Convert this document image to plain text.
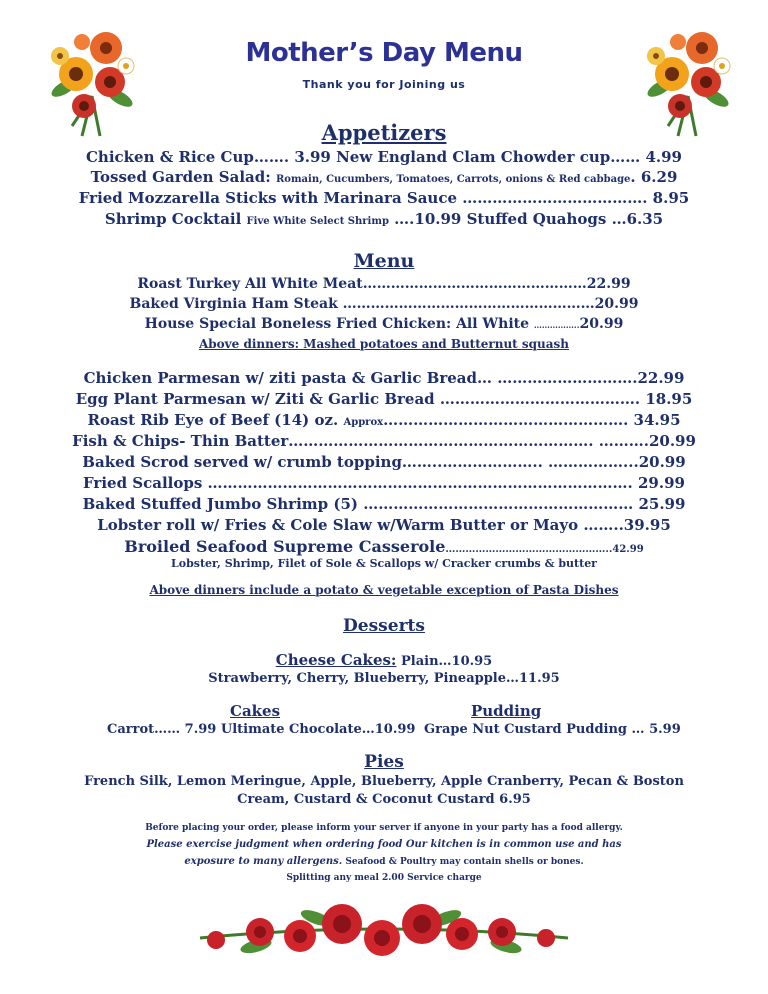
Mother’s Day Menu
Thank you for Joining us
Appetizers
Chicken & Rice Cup……. 3.99 New England Clam Chowder cup…… 4.99
Tossed Garden Salad: Romain, Cucumbers, Tomatoes, Carrots, onions & Red cabbage. 6.29
Fried Mozzarella Sticks with Marinara Sauce ………………………………. 8.95
Shrimp Cocktail Five White Select Shrimp ….10.99 Stuffed Quahogs …6.35
Menu
Roast Turkey All White Meat…………………………………………22.99
Baked Virginia Ham Steak ………………………………………………20.99
House Special Boneless Fried Chicken: All White ……………..20.99
Above dinners: Mashed potatoes and Butternut squash
Chicken Parmesan w/ ziti pasta & Garlic Bread… ……………………….22.99
Egg Plant Parmesan w/ Ziti & Garlic Bread …………………………………. 18.95
Roast Rib Eye of Beef (14) oz. Approx…………………………………………. 34.95
Fish & Chips- Thin Batter……………………………………………………. ……….20.99
Baked Scrod served w/ crumb topping……..……………….. ……………...20.99
Fried Scallops …………………………………………………………………………. 29.99
Baked Stuffed Jumbo Shrimp (5) ……………………………………………… 25.99
Lobster roll w/ Fries & Cole Slaw w/Warm Butter or Mayo ……..39.95
Broiled Seafood Supreme Casserole…………………………………………..42.99
Lobster, Shrimp, Filet of Sole & Scallops w/ Cracker crumbs & butter
Above dinners include a potato & vegetable exception of Pasta Dishes
Desserts
Cheese Cakes: Plain…10.95
Strawberry, Cherry, Blueberry, Pineapple…11.95
Cakes
Carrot…… 7.99 Ultimate Chocolate…10.99
Pudding
Grape Nut Custard Pudding … 5.99
Pies
French Silk, Lemon Meringue, Apple, Blueberry, Apple Cranberry, Pecan & Boston
Cream, Custard & Coconut Custard 6.95
Before placing your order, please inform your server if anyone in your party has a food allergy.
Please exercise judgment when ordering food Our kitchen is in common use and has
exposure to many allergens. Seafood & Poultry may contain shells or bones.
Splitting any meal 2.00 Service charge
